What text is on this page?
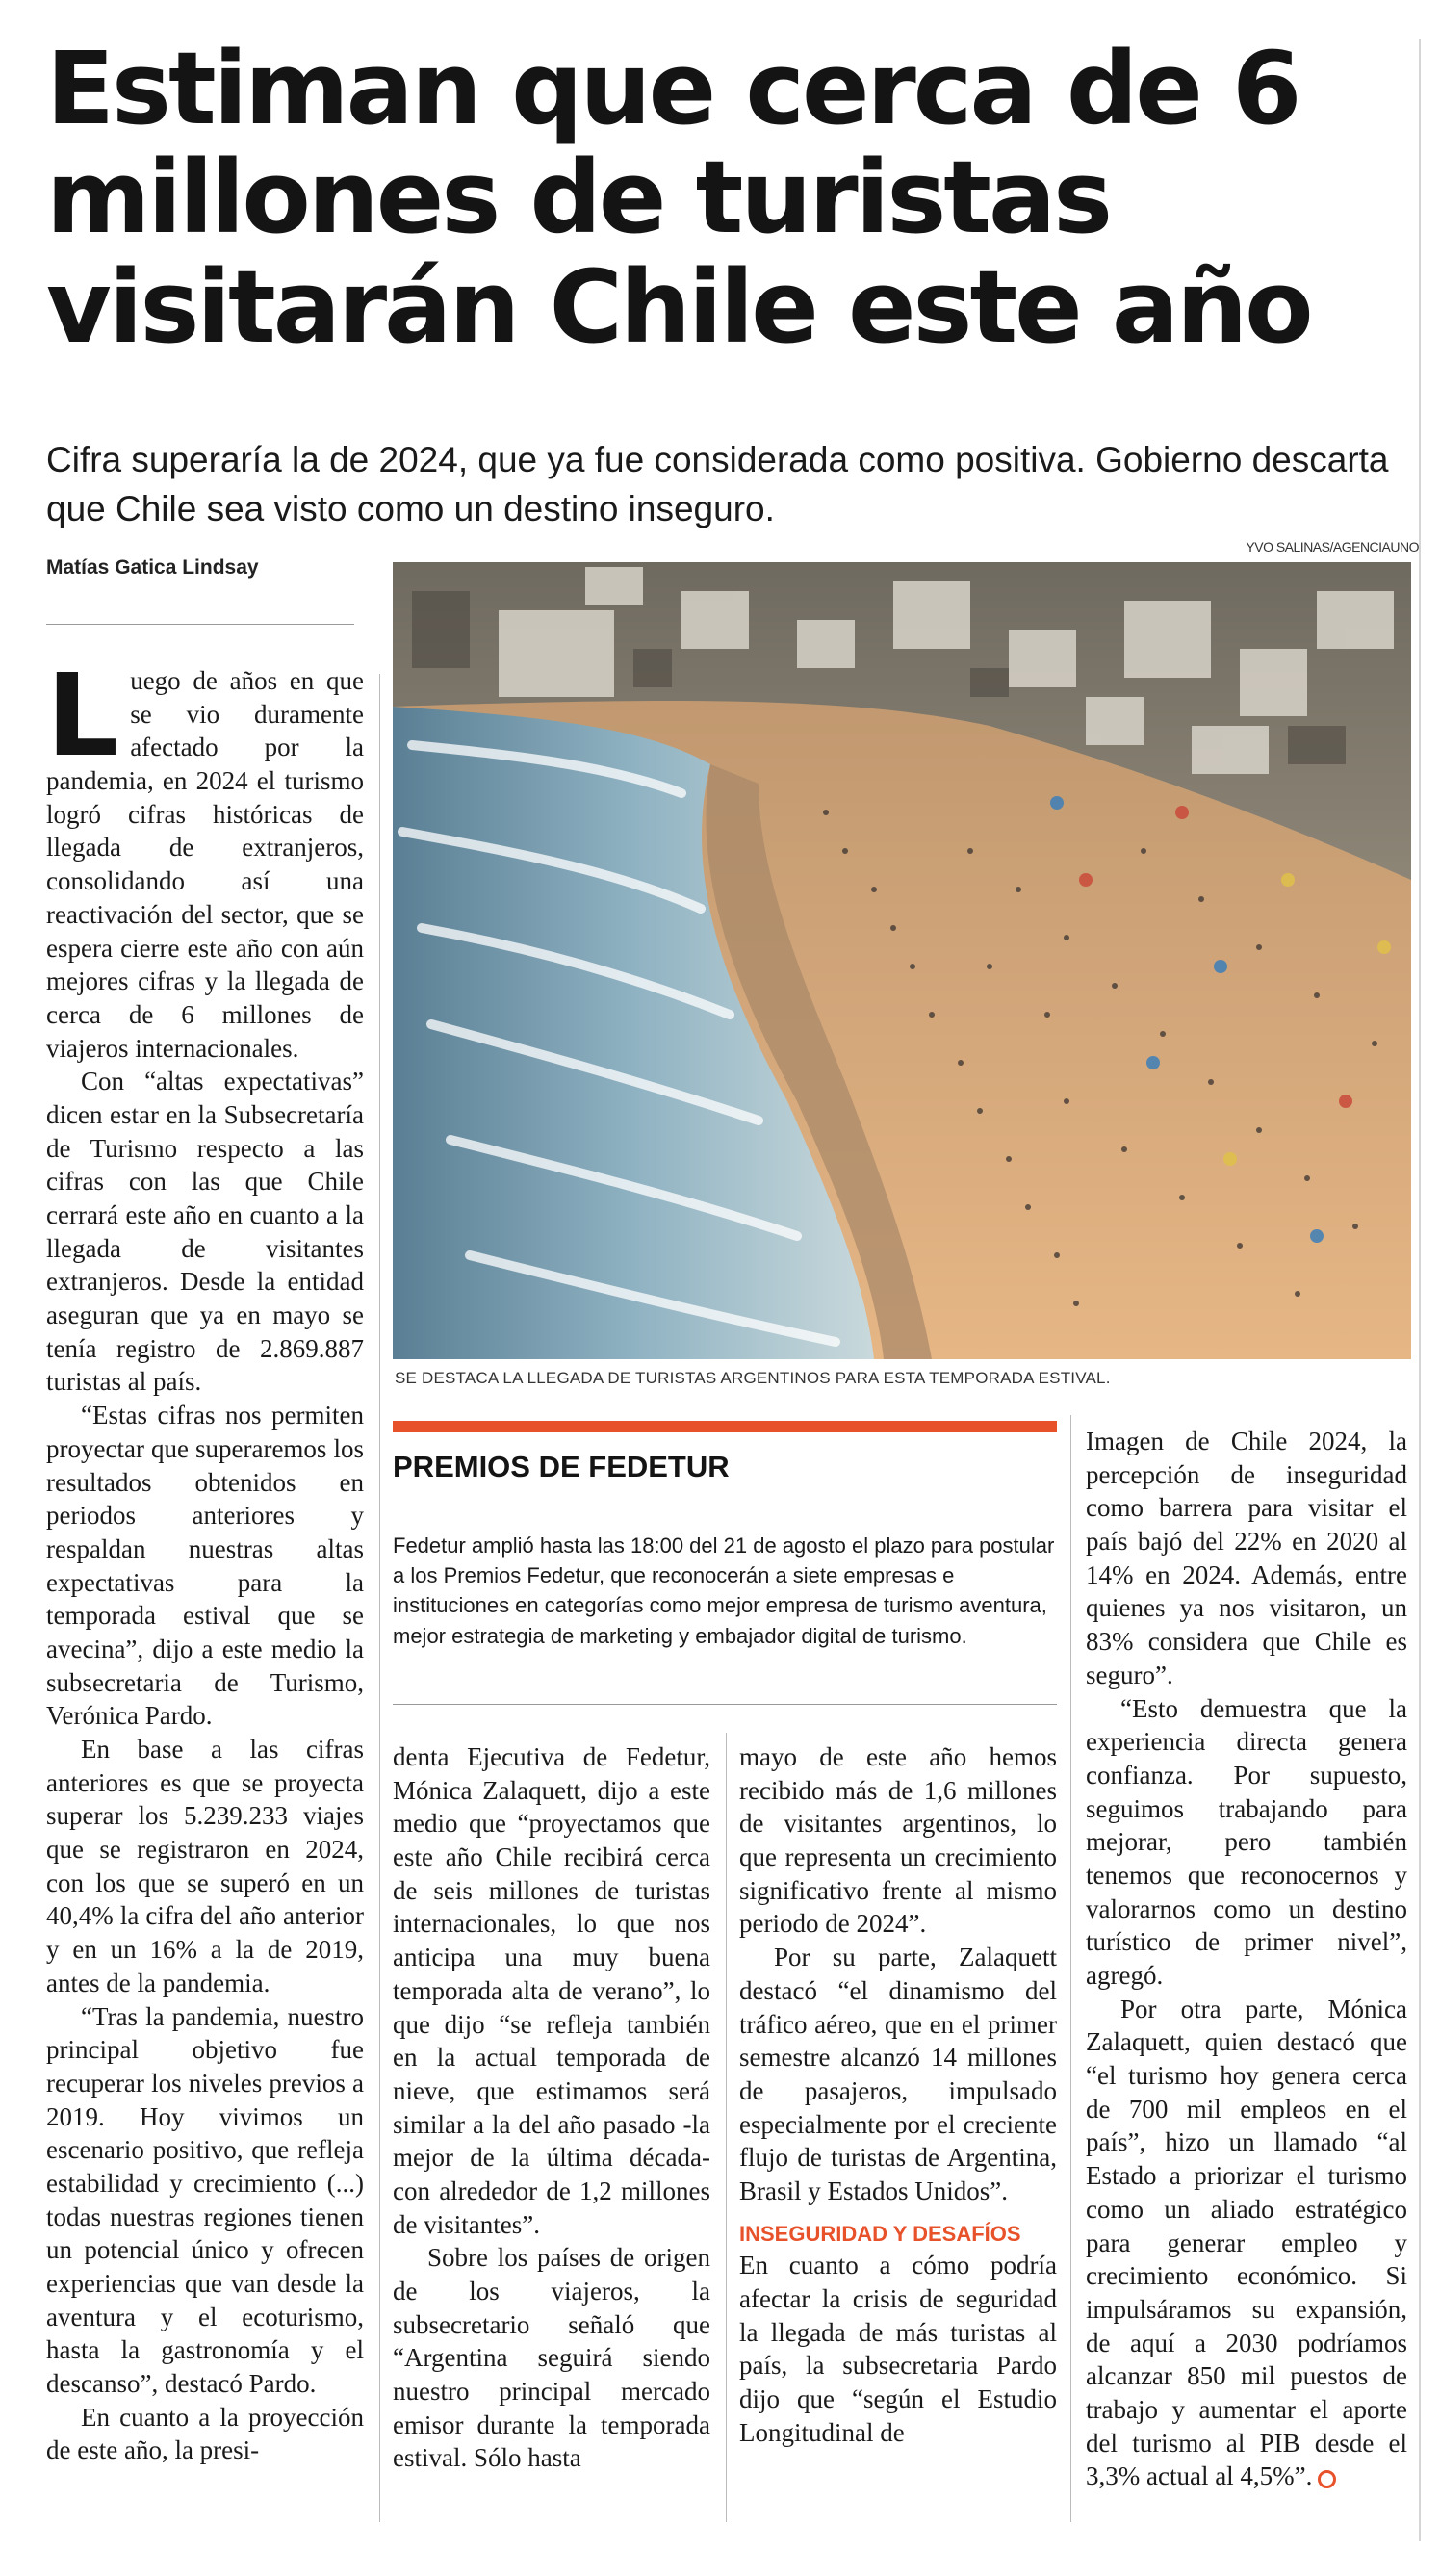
Estiman que cerca de 6 millones de turistas visitarán Chile este año

Cifra superaría la de 2024, que ya fue considerada como positiva. Gobierno descarta que Chile sea visto como un destino inseguro.

Matías Gatica Lindsay
YVO SALINAS/AGENCIAUNO
SE DESTACA LA LLEGADA DE TURISTAS ARGENTINOS PARA ESTA TEMPORADA ESTIVAL.

Luego de años en que se vio duramente afectado por la pandemia, en 2024 el turismo logró cifras históricas de llegada de extranjeros, consolidando así una reactivación del sector, que se espera cierre este año con aún mejores cifras y la llegada de cerca de 6 millones de viajeros internacionales.

Con “altas expectativas” dicen estar en la Subsecretaría de Turismo respecto a las cifras con las que Chile cerrará este año en cuanto a la llegada de visitantes extranjeros. Desde la entidad aseguran que ya en mayo se tenía registro de 2.869.887 turistas al país.

“Estas cifras nos permiten proyectar que superaremos los resultados obtenidos en periodos anteriores y respaldan nuestras altas expectativas para la temporada estival que se avecina”, dijo a este medio la subsecretaria de Turismo, Verónica Pardo.

En base a las cifras anteriores es que se proyecta superar los 5.239.233 viajes que se registraron en 2024, con los que se superó en un 40,4% la cifra del año anterior y en un 16% a la de 2019, antes de la pandemia.

“Tras la pandemia, nuestro principal objetivo fue recuperar los niveles previos a 2019. Hoy vivimos un escenario positivo, que refleja estabilidad y crecimiento (...) todas nuestras regiones tienen un potencial único y ofrecen experiencias que van desde la aventura y el ecoturismo, hasta la gastronomía y el descanso”, destacó Pardo.

En cuanto a la proyección de este año, la presi-

PREMIOS DE FEDETUR

Fedetur amplió hasta las 18:00 del 21 de agosto el plazo para postular a los Premios Fedetur, que reconocerán a siete empresas e instituciones en categorías como mejor empresa de turismo aventura, mejor estrategia de marketing y embajador digital de turismo.

denta Ejecutiva de Fedetur, Mónica Zalaquett, dijo a este medio que “proyectamos que este año Chile recibirá cerca de seis millones de turistas internacionales, lo que nos anticipa una muy buena temporada alta de verano”, lo que dijo “se refleja también en la actual temporada de nieve, que estimamos será similar a la del año pasado -la mejor de la última década- con alrededor de 1,2 millones de visitantes”.

Sobre los países de origen de los viajeros, la subsecretario señaló que “Argentina seguirá siendo nuestro principal mercado emisor durante la temporada estival. Sólo hasta

mayo de este año hemos recibido más de 1,6 millones de visitantes argentinos, lo que representa un crecimiento significativo frente al mismo periodo de 2024”.

Por su parte, Zalaquett destacó “el dinamismo del tráfico aéreo, que en el primer semestre alcanzó 14 millones de pasajeros, impulsado especialmente por el creciente flujo de turistas de Argentina, Brasil y Estados Unidos”.

INSEGURIDAD Y DESAFÍOS

En cuanto a cómo podría afectar la crisis de seguridad la llegada de más turistas al país, la subsecretaria Pardo dijo que “según el Estudio Longitudinal de

Imagen de Chile 2024, la percepción de inseguridad como barrera para visitar el país bajó del 22% en 2020 al 14% en 2024. Además, entre quienes ya nos visitaron, un 83% considera que Chile es seguro”.

“Esto demuestra que la experiencia directa genera confianza. Por supuesto, seguimos trabajando para mejorar, pero también tenemos que reconocernos y valorarnos como un destino turístico de primer nivel”, agregó.

Por otra parte, Mónica Zalaquett, quien destacó que “el turismo hoy genera cerca de 700 mil empleos en el país”, hizo un llamado “al Estado a priorizar el turismo como un aliado estratégico para generar empleo y crecimiento económico. Si impulsáramos su expansión, de aquí a 2030 podríamos alcanzar 850 mil puestos de trabajo y aumentar el aporte del turismo al PIB desde el 3,3% actual al 4,5%”.
